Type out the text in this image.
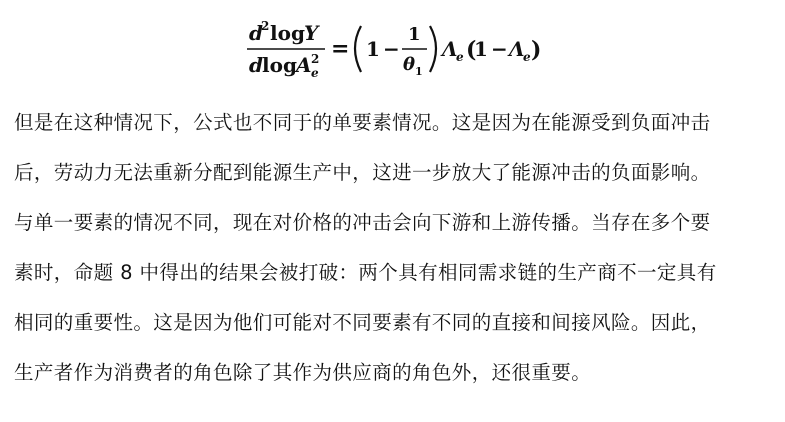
d
2 log Y
d log A 2
e
= 1 −
1
θ 1
Λ
e (
1 − Λ
e )
但是在这种情况下，公式也不同于的单要素情况。这是因为在能源受到负面冲击
后，劳动力无法重新分配到能源生产中，这进一步放大了能源冲击的负面影响。
与单一要素的情况不同，现在对价格的冲击会向下游和上游传播。当存在多个要
素时，命题 8 中得出的结果会被打破：两个具有相同需求链的生产商不一定具有
相同的重要性。这是因为他们可能对不同要素有不同的直接和间接风险。因此，
生产者作为消费者的角色除了其作为供应商的角色外，还很重要。
